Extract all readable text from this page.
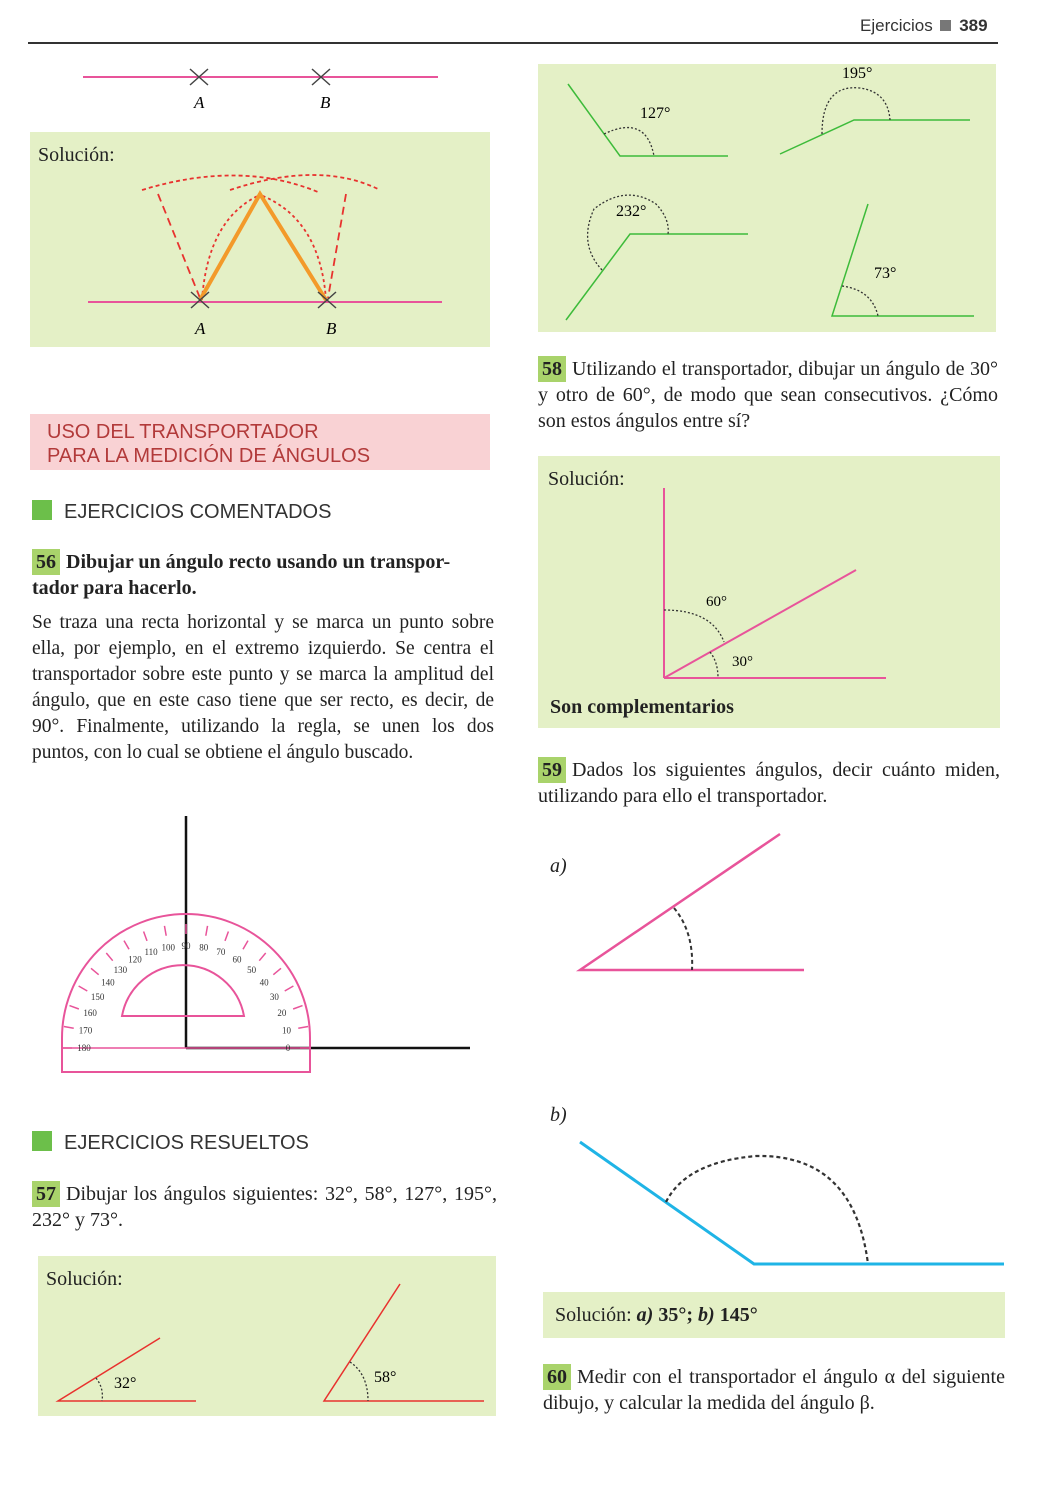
Ejercicios 389
A	B
Solución:
A	B
USO DEL TRANSPORTADOR
PARA LA MEDICIÓN DE ÁNGULOS
EJERCICIOS COMENTADOS
56 Dibujar un ángulo recto usando un transpor-
tador para hacerlo.
Se traza una recta horizontal y se marca un punto sobre ella, por ejemplo, en el extremo izquierdo. Se centra el transportador sobre este punto y se marca la amplitud del ángulo, que en este caso tiene que ser recto, es decir, de 90°. Finalmente, utilizando la regla, se unen los dos puntos, con lo cual se obtiene el ángulo buscado.
0
10
20
30
40
50
60
70
80
90
100
110
120
130
140
150
160
170
180
EJERCICIOS RESUELTOS
57 Dibujar los ángulos siguientes: 32°, 58°, 127°, 195°, 232° y 73°.
Solución:
32°	58°
127°
195°
232°
73°
58 Utilizando el transportador, dibujar un ángulo de 30° y otro de 60°, de modo que sean consecutivos. ¿Cómo son estos ángulos entre sí?
Solución:
60°
30°
Son complementarios
59 Dados los siguientes ángulos, decir cuánto miden, utilizando para ello el transportador.
a)
b)
Solución: a) 35°; b) 145°
60 Medir con el transportador el ángulo α del siguiente dibujo, y calcular la medida del ángulo β.
